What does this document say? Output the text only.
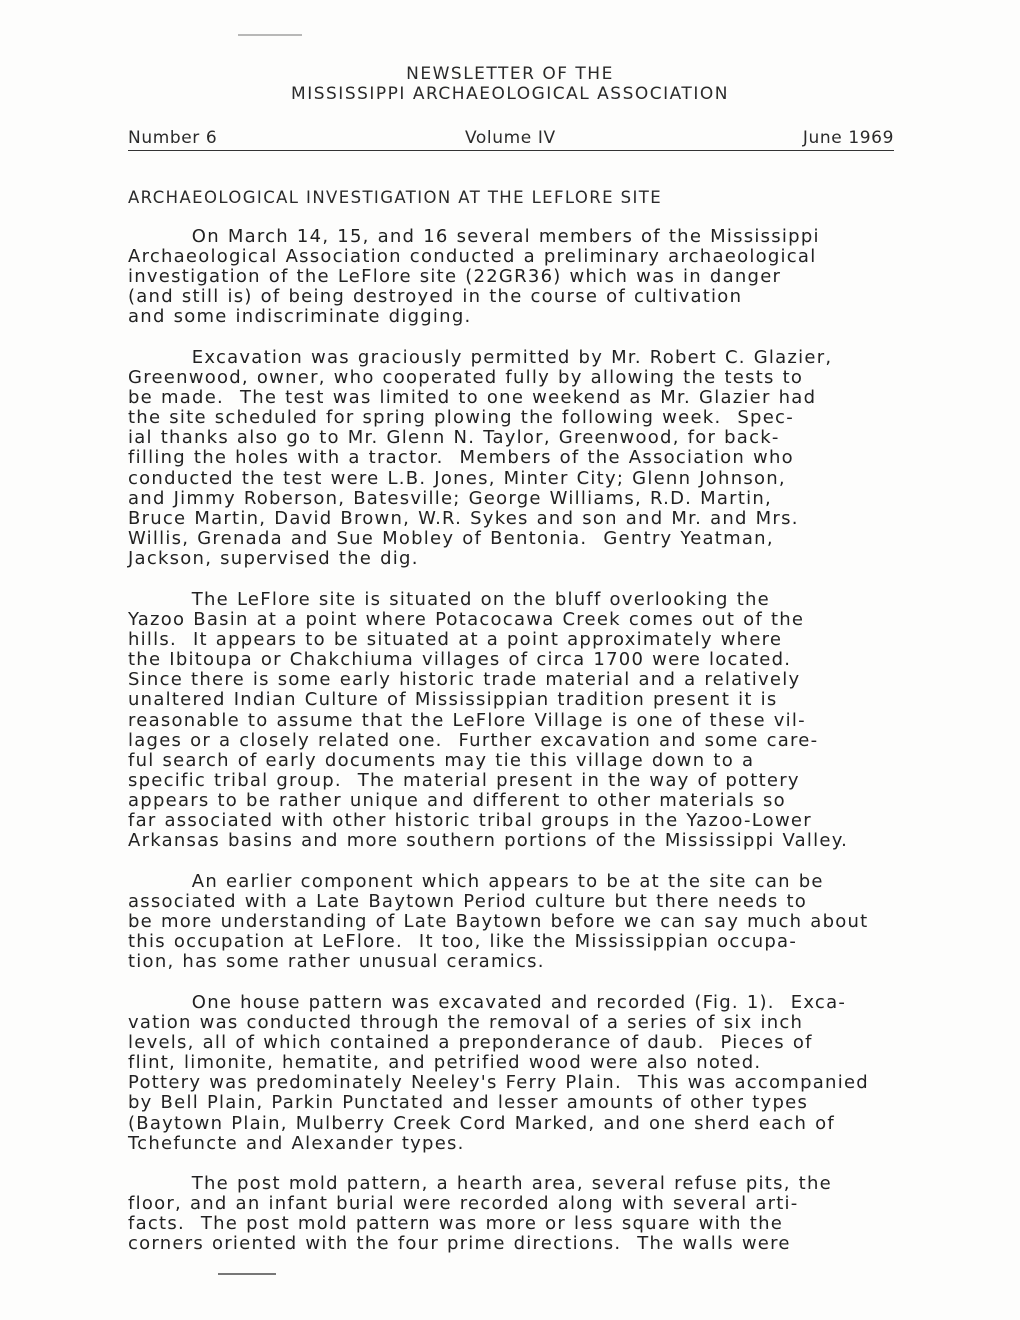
NEWSLETTER OF THE
MISSISSIPPI ARCHAEOLOGICAL ASSOCIATION
Number 6	Volume IV	June 1969
ARCHAEOLOGICAL INVESTIGATION AT THE LEFLORE SITE
On March 14, 15, and 16 several members of the Mississippi
Archaeological Association conducted a preliminary archaeological
investigation of the LeFlore site (22GR36) which was in danger
(and still is) of being destroyed in the course of cultivation
and some indiscriminate digging.
Excavation was graciously permitted by Mr. Robert C. Glazier,
Greenwood, owner, who cooperated fully by allowing the tests to
be made.  The test was limited to one weekend as Mr. Glazier had
the site scheduled for spring plowing the following week.  Spec-
ial thanks also go to Mr. Glenn N. Taylor, Greenwood, for back-
filling the holes with a tractor.  Members of the Association who
conducted the test were L.B. Jones, Minter City; Glenn Johnson,
and Jimmy Roberson, Batesville; George Williams, R.D. Martin,
Bruce Martin, David Brown, W.R. Sykes and son and Mr. and Mrs.
Willis, Grenada and Sue Mobley of Bentonia.  Gentry Yeatman,
Jackson, supervised the dig.
The LeFlore site is situated on the bluff overlooking the
Yazoo Basin at a point where Potacocawa Creek comes out of the
hills.  It appears to be situated at a point approximately where
the Ibitoupa or Chakchiuma villages of circa 1700 were located.
Since there is some early historic trade material and a relatively
unaltered Indian Culture of Mississippian tradition present it is
reasonable to assume that the LeFlore Village is one of these vil-
lages or a closely related one.  Further excavation and some care-
ful search of early documents may tie this village down to a
specific tribal group.  The material present in the way of pottery
appears to be rather unique and different to other materials so
far associated with other historic tribal groups in the Yazoo-Lower
Arkansas basins and more southern portions of the Mississippi Valley.
An earlier component which appears to be at the site can be
associated with a Late Baytown Period culture but there needs to
be more understanding of Late Baytown before we can say much about
this occupation at LeFlore.  It too, like the Mississippian occupa-
tion, has some rather unusual ceramics.
One house pattern was excavated and recorded (Fig. 1).  Exca-
vation was conducted through the removal of a series of six inch
levels, all of which contained a preponderance of daub.  Pieces of
flint, limonite, hematite, and petrified wood were also noted.
Pottery was predominately Neeley's Ferry Plain.  This was accompanied
by Bell Plain, Parkin Punctated and lesser amounts of other types
(Baytown Plain, Mulberry Creek Cord Marked, and one sherd each of
Tchefuncte and Alexander types.
The post mold pattern, a hearth area, several refuse pits, the
floor, and an infant burial were recorded along with several arti-
facts.  The post mold pattern was more or less square with the
corners oriented with the four prime directions.  The walls were
